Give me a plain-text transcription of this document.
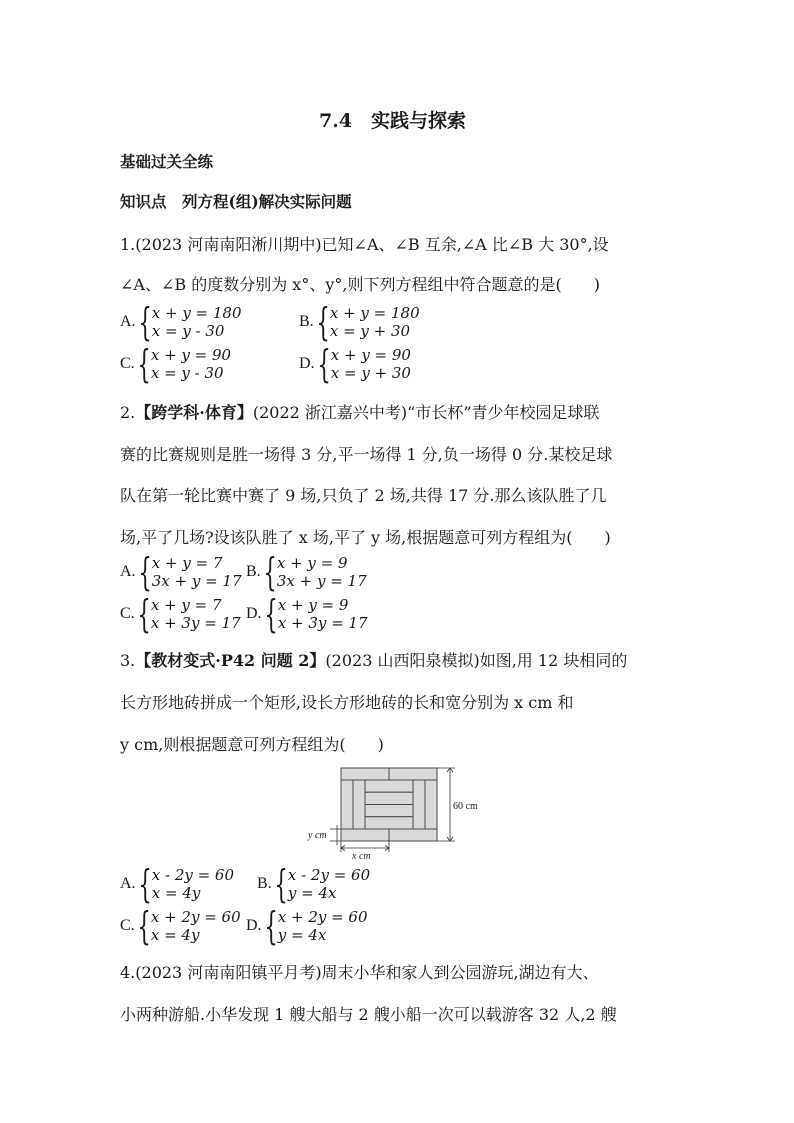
7.4　实践与探索
基础过关全练
知识点　列方程(组)解决实际问题
1.(2023 河南南阳淅川期中)已知∠A、∠B 互余,∠A 比∠B 大 30°,设
∠A、∠B 的度数分别为 x°、y°,则下列方程组中符合题意的是(　　)
A. { x + y = 180
x = y - 30
B. { x + y = 180
x = y + 30
C. { x + y = 90
x = y - 30
D. { x + y = 90
x = y + 30
2.【跨学科·体育】(2022 浙江嘉兴中考)“市长杯”青少年校园足球联
赛的比赛规则是胜一场得 3 分,平一场得 1 分,负一场得 0 分.某校足球
队在第一轮比赛中赛了 9 场,只负了 2 场,共得 17 分.那么该队胜了几
场,平了几场?设该队胜了 x 场,平了 y 场,根据题意可列方程组为(　　)
A. { x + y = 7
3x + y = 17
B. { x + y = 9
3x + y = 17
C. { x + y = 7
x + 3y = 17
D. { x + y = 9
x + 3y = 17
3.【教材变式·P42 问题 2】(2023 山西阳泉模拟)如图,用 12 块相同的
长方形地砖拼成一个矩形,设长方形地砖的长和宽分别为 x cm 和
y cm,则根据题意可列方程组为(　　)
60 cm
x cm
y cm
A. { x - 2y = 60
x = 4y
B. { x - 2y = 60
y = 4x
C. { x + 2y = 60
x = 4y
D. { x + 2y = 60
y = 4x
4.(2023 河南南阳镇平月考)周末小华和家人到公园游玩,湖边有大、
小两种游船.小华发现 1 艘大船与 2 艘小船一次可以载游客 32 人,2 艘
